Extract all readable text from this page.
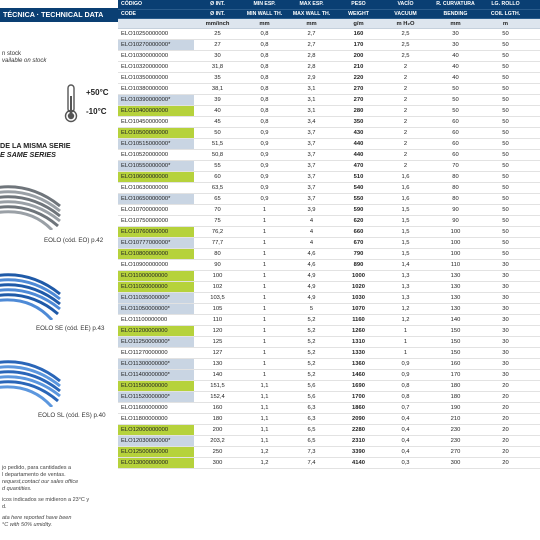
TÉCNICA · TECHNICAL DATA
n stock
vailable on stock
+50°C
-10°C
DE LA MISMA SERIE
E SAME SERIES
EOLO (cód. EO) p.42
EOLO SE (cód. EE) p.43
EOLO SL (cód. ES) p.40
jo pedido, para cantidades a
l departamento de ventas.
request,contact our sales office
d quantities.
icos indicados se midieron a 23°C y
d.
ata here reported have been
°C with 50% umidity.
CÓDIGO	Ø INT.	MIN ESP.	MAX ESP.	PESO	VACÍO	R. CURVATURA	LG. ROLLO
CODE	Ø INT.	MIN WALL TH.	MAX WALL TH.	WEIGHT	VACUUM	BENDING	COIL LGTH.
mm/inch	mm	mm	g/m	m H₂O	mm	m
ELO10250000000	25	0,8	2,7	160	2,5	30	50
ELO10270000000*	27	0,8	2,7	170	2,5	30	50
ELO10300000000	30	0,8	2,8	200	2,5	40	50
ELO10320000000	31,8	0,8	2,8	210	2	40	50
ELO10350000000	35	0,8	2,9	220	2	40	50
ELO10380000000	38,1	0,8	3,1	270	2	50	50
ELO10390000000*	39	0,8	3,1	270	2	50	50
ELO10400000000	40	0,8	3,1	280	2	50	50
ELO10450000000	45	0,8	3,4	350	2	60	50
ELO10500000000	50	0,9	3,7	430	2	60	50
ELO10515000000*	51,5	0,9	3,7	440	2	60	50
ELO10520000000	50,8	0,9	3,7	440	2	60	50
ELO10550000000*	55	0,9	3,7	470	2	70	50
ELO10600000000	60	0,9	3,7	510	1,6	80	50
ELO10630000000	63,5	0,9	3,7	540	1,6	80	50
ELO10650000000*	65	0,9	3,7	550	1,6	80	50
ELO10700000000	70	1	3,9	590	1,5	90	50
ELO10750000000	75	1	4	620	1,5	90	50
ELO10760000000	76,2	1	4	660	1,5	100	50
ELO10777000000*	77,7	1	4	670	1,5	100	50
ELO10800000000	80	1	4,6	790	1,5	100	50
ELO10900000000	90	1	4,6	890	1,4	110	30
ELO11000000000	100	1	4,9	1000	1,3	130	30
ELO11020000000	102	1	4,9	1020	1,3	130	30
ELO11035000000*	103,5	1	4,9	1030	1,3	130	30
ELO11050000000*	105	1	5	1070	1,2	130	30
ELO11100000000	110	1	5,2	1160	1,2	140	30
ELO11200000000	120	1	5,2	1260	1	150	30
ELO11250000000*	125	1	5,2	1310	1	150	30
ELO11270000000	127	1	5,2	1330	1	150	30
ELO11300000000*	130	1	5,2	1360	0,9	160	30
ELO11400000000*	140	1	5,2	1460	0,9	170	30
ELO11500000000	151,5	1,1	5,6	1690	0,8	180	20
ELO11520000000*	152,4	1,1	5,6	1700	0,8	180	20
ELO11600000000	160	1,1	6,3	1860	0,7	190	20
ELO11800000000	180	1,1	6,3	2090	0,4	210	20
ELO12000000000	200	1,1	6,5	2280	0,4	230	20
ELO12030000000*	203,2	1,1	6,5	2310	0,4	230	20
ELO12500000000	250	1,2	7,3	3390	0,4	270	20
ELO13000000000	300	1,2	7,4	4140	0,3	300	20
